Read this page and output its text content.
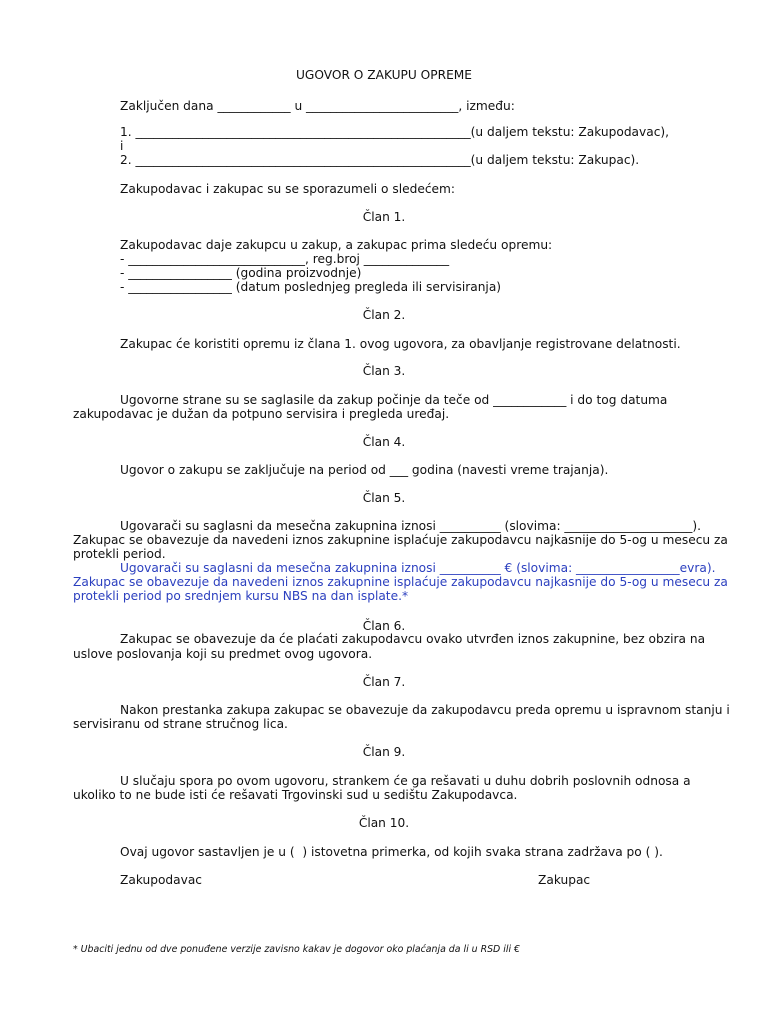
UGOVOR O ZAKUPU OPREME
Zaključen dana ____________ u _________________________, između:
1. _______________________________________________________(u daljem tekstu: Zakupodavac),
i
2. _______________________________________________________(u daljem tekstu: Zakupac).
Zakupodavac i zakupac su se sporazumeli o sledećem:
Član 1.
Zakupodavac daje zakupcu u zakup, a zakupac prima sledeću opremu:
- _____________________________, reg.broj ______________
- _________________ (godina proizvodnje)
- _________________ (datum poslednjeg pregleda ili servisiranja)
Član 2.
Zakupac će koristiti opremu iz člana 1. ovog ugovora, za obavljanje registrovane delatnosti.
Član 3.
Ugovorne strane su se saglasile da zakup počinje da teče od ____________ i do tog datuma
zakupodavac je dužan da potpuno servisira i pregleda uređaj.
Član 4.
Ugovor o zakupu se zaključuje na period od ___ godina (navesti vreme trajanja).
Član 5.
Ugovarači su saglasni da mesečna zakupnina iznosi __________ (slovima: _____________________).
Zakupac se obavezuje da navedeni iznos zakupnine isplaćuje zakupodavcu najkasnije do 5-og u mesecu za
protekli period.
Ugovarači su saglasni da mesečna zakupnina iznosi __________ € (slovima: _________________evra).
Zakupac se obavezuje da navedeni iznos zakupnine isplaćuje zakupodavcu najkasnije do 5-og u mesecu za
protekli period po srednjem kursu NBS na dan isplate.*
Član 6.
Zakupac se obavezuje da će plaćati zakupodavcu ovako utvrđen iznos zakupnine, bez obzira na
uslove poslovanja koji su predmet ovog ugovora.
Član 7.
Nakon prestanka zakupa zakupac se obavezuje da zakupodavcu preda opremu u ispravnom stanju i
servisiranu od strane stručnog lica.
Član 9.
U slučaju spora po ovom ugovoru, strankem će ga rešavati u duhu dobrih poslovnih odnosa a
ukoliko to ne bude isti će rešavati Trgovinski sud u sedištu Zakupodavca.
Član 10.
Ovaj ugovor sastavljen je u (  ) istovetna primerka, od kojih svaka strana zadržava po ( ).
Zakupodavac	Zakupac
* Ubaciti jednu od dve ponuđene verzije zavisno kakav je dogovor oko plaćanja da li u RSD ili €
